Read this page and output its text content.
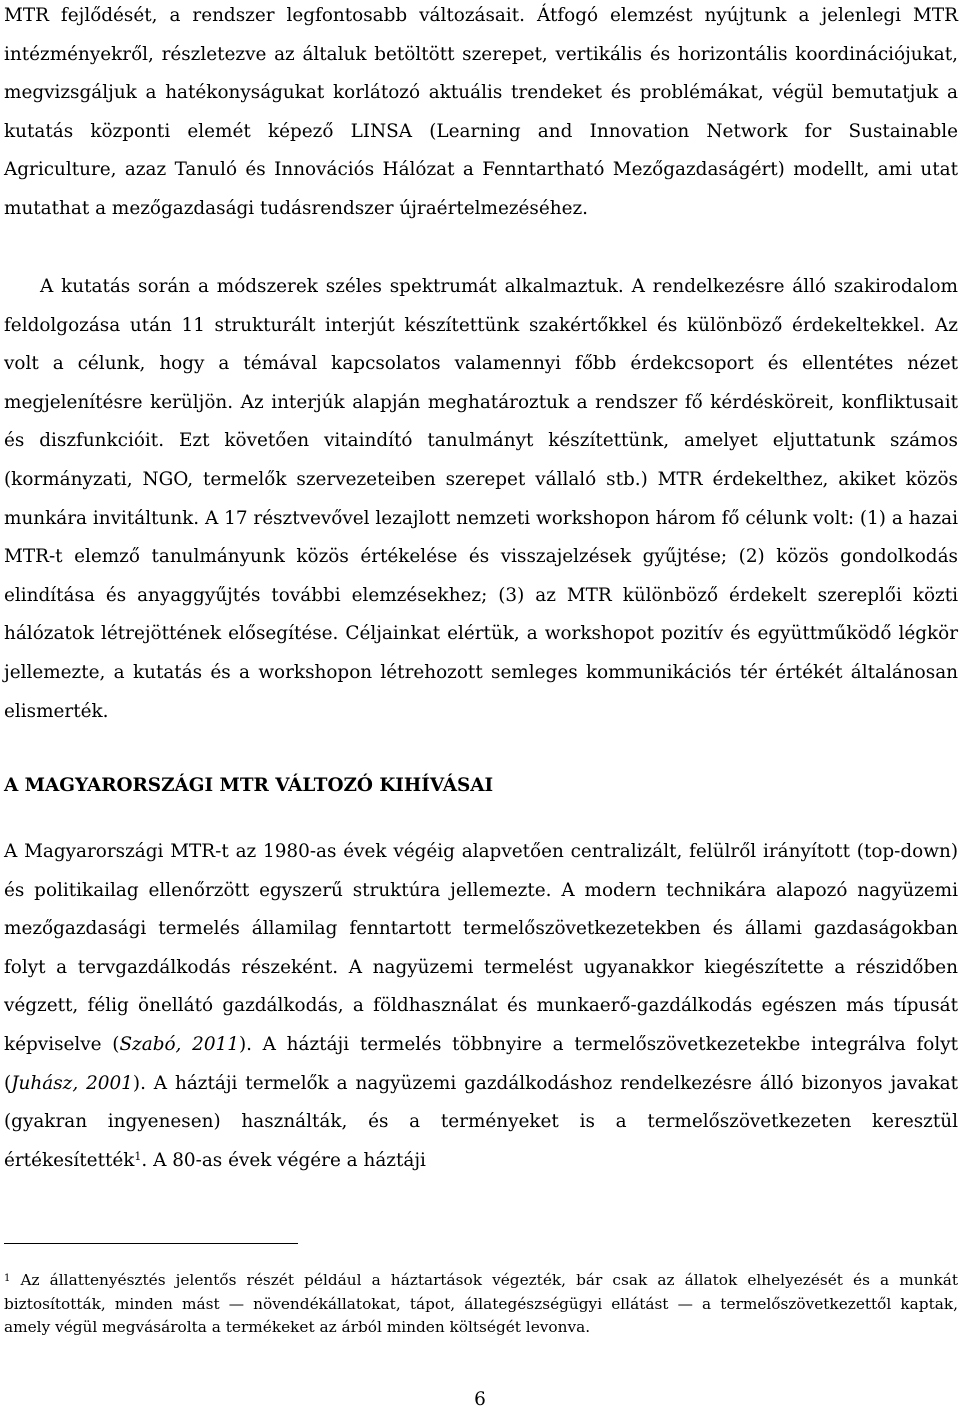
MTR fejlődését, a rendszer legfontosabb változásait. Átfogó elemzést nyújtunk a jelenlegi MTR intézményekről, részletezve az általuk betöltött szerepet, vertikális és horizontális koordinációjukat, megvizsgáljuk a hatékonyságukat korlátozó aktuális trendeket és problémákat, végül bemutatjuk a kutatás központi elemét képező LINSA (Learning and Innovation Network for Sustainable Agriculture, azaz Tanuló és Innovációs Hálózat a Fenntartható Mezőgazdaságért) modellt, ami utat mutathat a mezőgazdasági tudásrendszer újraértelmezéséhez.

A kutatás során a módszerek széles spektrumát alkalmaztuk. A rendelkezésre álló szakirodalom feldolgozása után 11 strukturált interjút készítettünk szakértőkkel és különböző érdekeltekkel. Az volt a célunk, hogy a témával kapcsolatos valamennyi főbb érdekcsoport és ellentétes nézet megjelenítésre kerüljön. Az interjúk alapján meghatároztuk a rendszer fő kérdésköreit, konfliktusait és diszfunkcióit. Ezt követően vitaindító tanulmányt készítettünk, amelyet eljuttatunk számos (kormányzati, NGO, termelők szervezeteiben szerepet vállaló stb.) MTR érdekelthez, akiket közös munkára invitáltunk. A 17 résztvevővel lezajlott nemzeti workshopon három fő célunk volt: (1) a hazai MTR-t elemző tanulmányunk közös értékelése és visszajelzések gyűjtése; (2) közös gondolkodás elindítása és anyaggyűjtés további elemzésekhez; (3) az MTR különböző érdekelt szereplői közti hálózatok létrejöttének elősegítése. Céljainkat elértük, a workshopot pozitív és együttműködő légkör jellemezte, a kutatás és a workshopon létrehozott semleges kommunikációs tér értékét általánosan elismerték.

A MAGYARORSZÁGI MTR VÁLTOZÓ KIHÍVÁSAI

A Magyarországi MTR-t az 1980-as évek végéig alapvetően centralizált, felülről irányított (top-down) és politikailag ellenőrzött egyszerű struktúra jellemezte. A modern technikára alapozó nagyüzemi mezőgazdasági termelés államilag fenntartott termelőszövetkezetekben és állami gazdaságokban folyt a tervgazdálkodás részeként. A nagyüzemi termelést ugyanakkor kiegészítette a részidőben végzett, félig önellátó gazdálkodás, a földhasználat és munkaerő-gazdálkodás egészen más típusát képviselve (Szabó, 2011). A háztáji termelés többnyire a termelőszövetkezetekbe integrálva folyt (Juhász, 2001). A háztáji termelők a nagyüzemi gazdálkodáshoz rendelkezésre álló bizonyos javakat (gyakran ingyenesen) használták, és a terményeket is a termelőszövetkezeten keresztül értékesítették$^1$. A 80-as évek végére a háztáji

$^1$ Az állattenyésztés jelentős részét például a háztartások végezték, bár csak az állatok elhelyezését és a munkát biztosították, minden mást — növendékállatokat, tápot, állategészségügyi ellátást — a termelőszövetkezettől kaptak, amely végül megvásárolta a termékeket az árból minden költségét levonva.

6
